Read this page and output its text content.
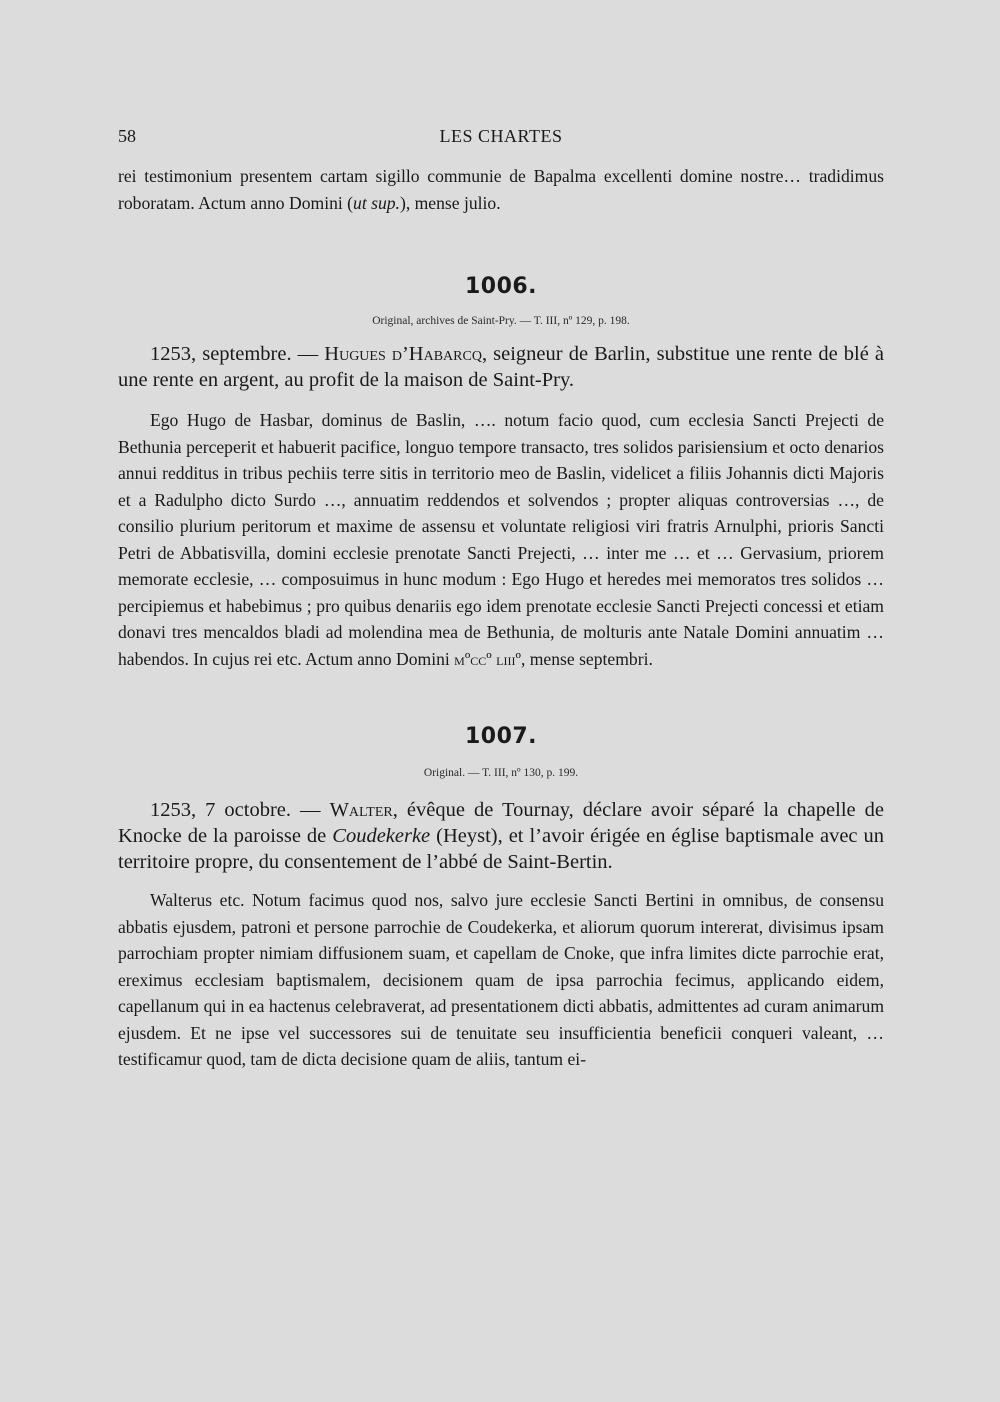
58	LES CHARTES

rei testimonium presentem cartam sigillo communie de Bapalma excellenti domine nostre… tradidimus roboratam. Actum anno Domini (ut sup.), mense julio.

1006.

Original, archives de Saint-Pry. — T. III, nº 129, p. 198.

1253, septembre. — Hugues d’Habarcq, seigneur de Barlin, substitue une rente de blé à une rente en argent, au profit de la maison de Saint-Pry.

Ego Hugo de Hasbar, dominus de Baslin, …. notum facio quod, cum ecclesia Sancti Prejecti de Bethunia perceperit et habuerit pacifice, longuo tempore transacto, tres solidos parisiensium et octo denarios annui redditus in tribus pechiis terre sitis in territorio meo de Baslin, videlicet a filiis Johannis dicti Majoris et a Radulpho dicto Surdo …, annuatim reddendos et solvendos ; propter aliquas controversias …, de consilio plurium peritorum et maxime de assensu et voluntate religiosi viri fratris Arnulphi, prioris Sancti Petri de Abbatisvilla, domini ecclesie prenotate Sancti Prejecti, … inter me … et … Gervasium, priorem memorate ecclesie, … composuimus in hunc modum : Ego Hugo et heredes mei memoratos tres solidos … percipiemus et habebimus ; pro quibus denariis ego idem prenotate ecclesie Sancti Prejecti concessi et etiam donavi tres mencaldos bladi ad molendina mea de Bethunia, de molturis ante Natale Domini annuatim … habendos. In cujus rei etc. Actum anno Domini mºccº liiiº, mense septembri.

1007.

Original. — T. III, nº 130, p. 199.

1253, 7 octobre. — Walter, évêque de Tournay, déclare avoir séparé la chapelle de Knocke de la paroisse de Coudekerke (Heyst), et l’avoir érigée en église baptismale avec un territoire propre, du consentement de l’abbé de Saint-Bertin.

Walterus etc. Notum facimus quod nos, salvo jure ecclesie Sancti Bertini in omnibus, de consensu abbatis ejusdem, patroni et persone parrochie de Coudekerka, et aliorum quorum intererat, divisimus ipsam parrochiam propter nimiam diffusionem suam, et capellam de Cnoke, que infra limites dicte parrochie erat, ereximus ecclesiam baptismalem, decisionem quam de ipsa parrochia fecimus, applicando eidem, capellanum qui in ea hactenus celebraverat, ad presentationem dicti abbatis, admittentes ad curam animarum ejusdem. Et ne ipse vel successores sui de tenuitate seu insufficientia beneficii conqueri valeant, … testificamur quod, tam de dicta decisione quam de aliis, tantum ei-
